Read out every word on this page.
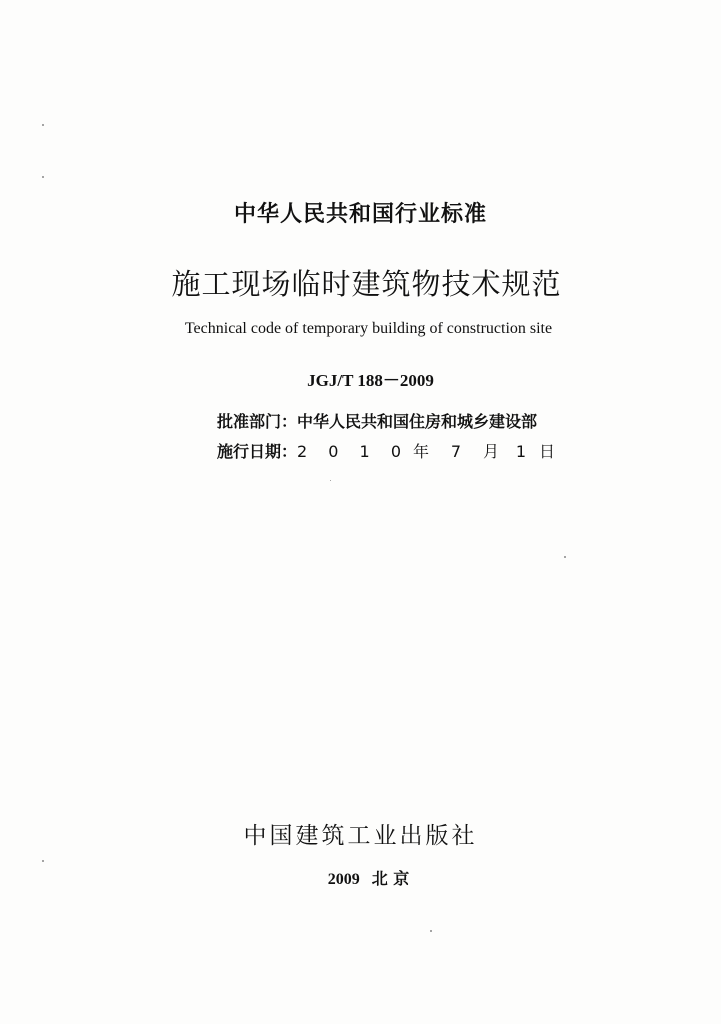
中华人民共和国行业标准
施工现场临时建筑物技术规范
Technical code of temporary building of construction site
JGJ/T 188－2009
批准部门：中华人民共和国住房和城乡建设部
施行日期：2 0 1 0 年 7 月 1 日
中国建筑工业出版社
2009 北 京
